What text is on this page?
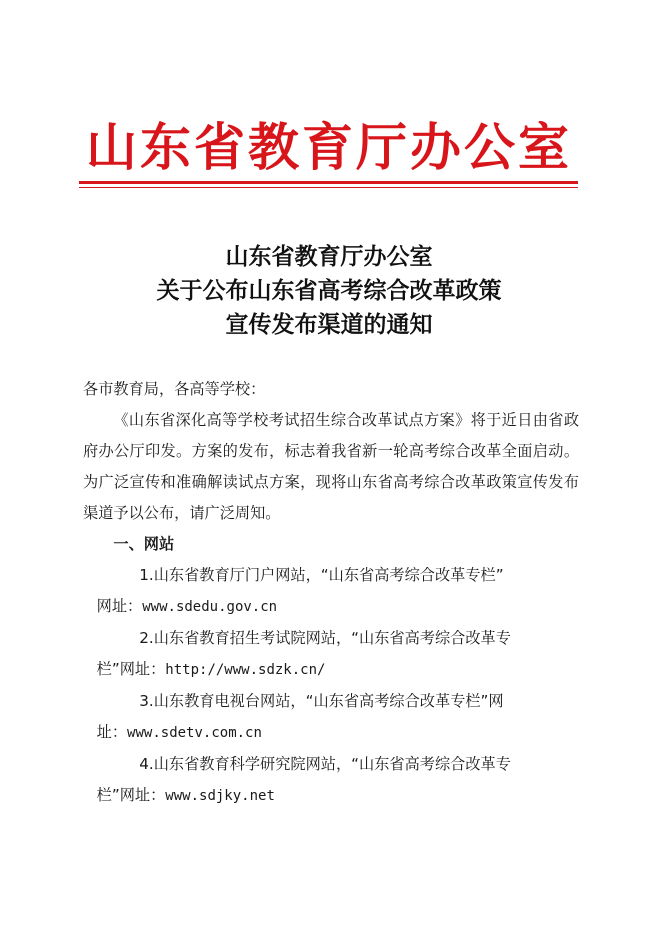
山东省教育厅办公室
山东省教育厅办公室
关于公布山东省高考综合改革政策
宣传发布渠道的通知
各市教育局，各高等学校：
《山东省深化高等学校考试招生综合改革试点方案》将于近日由省政府办公厅印发。方案的发布，标志着我省新一轮高考综合改革全面启动。为广泛宣传和准确解读试点方案，现将山东省高考综合改革政策宣传发布渠道予以公布，请广泛周知。
一、网站
1.山东省教育厅门户网站，“山东省高考综合改革专栏”
网址：www.sdedu.gov.cn
2.山东省教育招生考试院网站，“山东省高考综合改革专
栏”网址：http://www.sdzk.cn/
3.山东教育电视台网站，“山东省高考综合改革专栏”网
址：www.sdetv.com.cn
4.山东省教育科学研究院网站，“山东省高考综合改革专
栏”网址：www.sdjky.net
